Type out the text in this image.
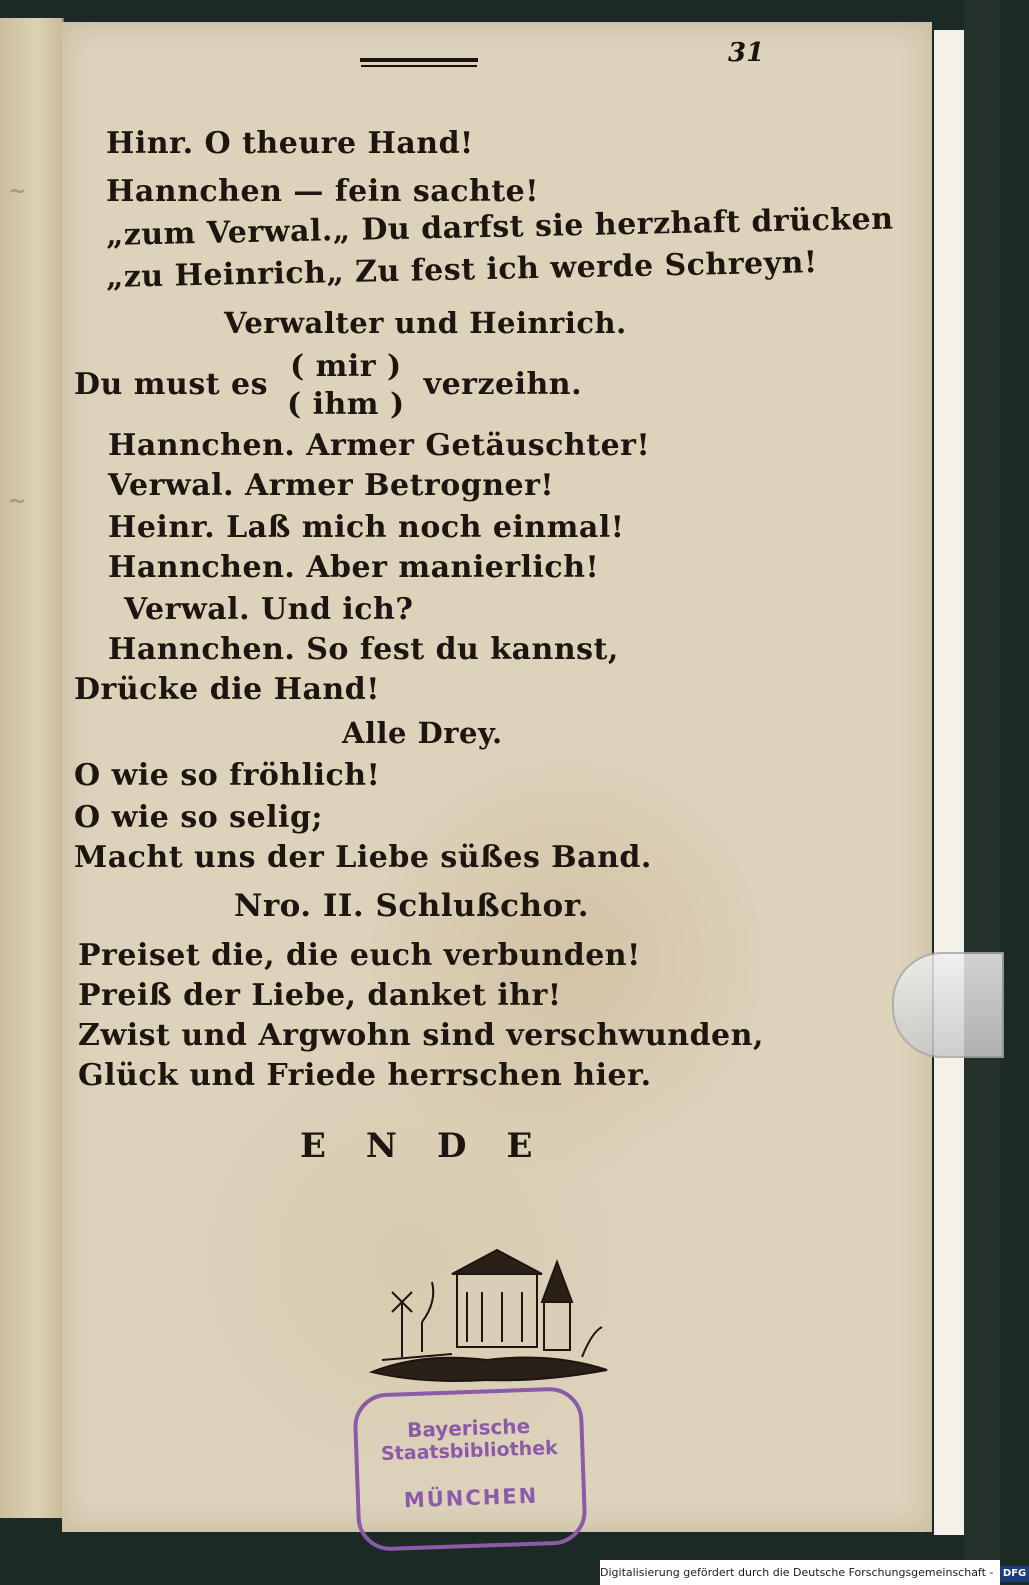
~
~
31
Hinr. O theure Hand!
Hannchen — fein sachte!
„zum Verwal.„ Du darfst sie herzhaft drücken
„zu Heinrich„ Zu fest ich werde Schreyn!
Verwalter und Heinrich.
Du must es ( mir )
( ihm ) verzeihn.
Hannchen. Armer Getäuschter!
Verwal. Armer Betrogner!
Heinr. Laß mich noch einmal!
Hannchen. Aber manierlich!
Verwal. Und ich?
Hannchen. So fest du kannst,
Drücke die Hand!
Alle Drey.
O wie so fröhlich!
O wie so selig;
Macht uns der Liebe süßes Band.
Nro. II. Schlußchor.
Preiset die, die euch verbunden!
Preiß der Liebe, danket ihr!
Zwist und Argwohn sind verschwunden,
Glück und Friede herrschen hier.
ENDE
Bayerische
Staatsbibliothek
MÜNCHEN
Digitalisierung gefördert durch die Deutsche Forschungsgemeinschaft - DFG
